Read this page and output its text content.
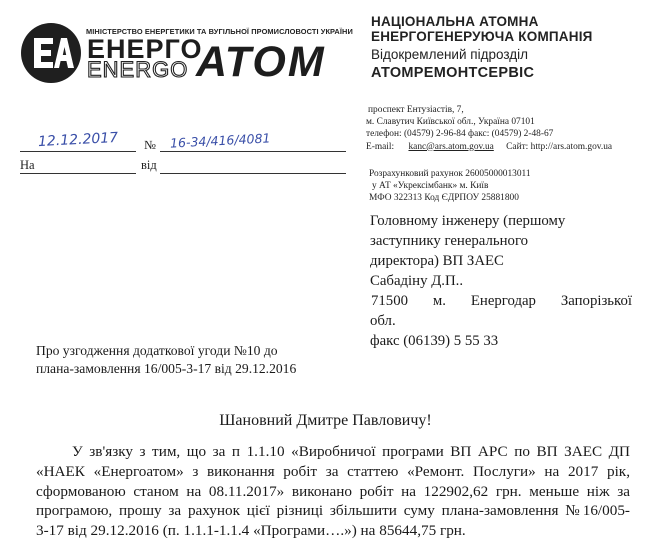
МІНІСТЕРСТВО ЕНЕРГЕТИКИ ТА ВУГІЛЬНОЇ ПРОМИСЛОВОСТІ УКРАЇНИ
ЕНЕРГО
ENERGO АТОМ
НАЦІОНАЛЬНА АТОМНА
ЕНЕРГОГЕНЕРУЮЧА КОМПАНІЯ
Відокремлений підрозділ
АТОМРЕМОНТСЕРВІС
проспект Ентузіастів, 7,
м. Славутич Київської обл., Україна 07101
телефон: (04579) 2-96-84 факс: (04579) 2-48-67
E-mail: kanc@ars.atom.gov.ua Сайт: http://ars.atom.gov.ua
12.12.2017 № 16-34/416/4081
На	від
Розрахунковий рахунок 26005000013011
у АТ «Укрексімбанк» м. Київ
МФО 322313 Код ЄДРПОУ 25881800
Головному інженеру (першому
заступнику генерального
директора) ВП ЗАЕС
Сабадіну Д.П..
71500 м. Енергодар Запорізької
обл.
факс (06139) 5 55 33
Про узгодження додаткової угоди №10 до
плана-замовлення 16/005-3-17 від 29.12.2016
Шановний Дмитре Павловичу!
У зв'язку з тим, що за п 1.1.10 «Виробничої програми ВП АРС по ВП ЗАЕС ДП
«НАЕК «Енергоатом» з виконання робіт за статтею «Ремонт. Послуги» на 2017 рік,
сформованою станом на 08.11.2017» виконано робіт на 122902,62 грн. меньше ніж за
програмою, прошу за рахунок цієї різниці збільшити суму плана-замовлення №16/005-
3-17 від 29.12.2016 (п. 1.1.1-1.1.4 «Програми….») на 85644,75 грн.
